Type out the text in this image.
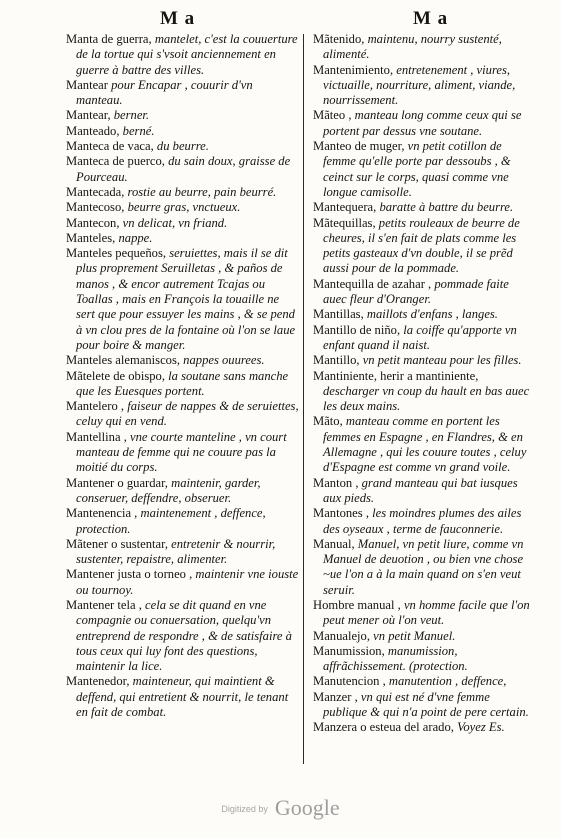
M a	M a

Manta de guerra, mantelet, c'est la couuerture de la tortue qui s'vsoit anciennement en guerre à battre des villes.

Mantear pour Encapar , couurir d'vn manteau.

Mantear, berner.

Manteado, berné.

Manteca de vaca, du beurre.

Manteca de puerco, du sain doux, graisse de Pourceau.

Mantecada, rostie au beurre, pain beurré.

Mantecoso, beurre gras, vnctueux.

Mantecon, vn delicat, vn friand.

Manteles, nappe.

Manteles pequeños, seruiettes, mais il se dit plus proprement Seruilletas , & paños de manos , & encor autrement Tcajas ou Toallas , mais en François la touaille ne sert que pour essuyer les mains , & se pend à vn clou pres de la fontaine où l'on se laue pour boire & manger.

Manteles alemaniscos, nappes ouurees.

Mãtelete de obispo, la soutane sans manche que les Euesques portent.

Mantelero , faiseur de nappes & de seruiettes, celuy qui en vend.

Mantellina , vne courte manteline , vn court manteau de femme qui ne couure pas la moitié du corps.

Mantener o guardar, maintenir, garder, conseruer, deffendre, obseruer.

Mantenencia , maintenement , deffence, protection.

Mãtener o sustentar, entretenir & nourrir, sustenter, repaistre, alimenter.

Mantener justa o torneo , maintenir vne iouste ou tournoy.

Mantener tela , cela se dit quand en vne compagnie ou conuersation, quelqu'vn entreprend de respondre , & de satisfaire à tous ceux qui luy font des questions, maintenir la lice.

Mantenedor, mainteneur, qui maintient & deffend, qui entretient & nourrit, le tenant en fait de combat.

Mãtenido, maintenu, nourry sustenté, alimenté.

Mantenimiento, entretenement , viures, victuaille, nourriture, aliment, viande, nourrissement.

Mãteo , manteau long comme ceux qui se portent par dessus vne soutane.

Manteo de muger, vn petit cotillon de femme qu'elle porte par dessoubs , & ceinct sur le corps, quasi comme vne longue camisolle.

Mantequera, baratte à battre du beurre.

Mãtequillas, petits rouleaux de beurre de cheures, il s'en fait de plats comme les petits gasteaux d'vn double, il se prẽd aussi pour de la pommade.

Mantequilla de azahar , pommade faite auec fleur d'Oranger.

Mantillas, maillots d'enfans , langes.

Mantillo de niño, la coiffe qu'apporte vn enfant quand il naist.

Mantillo, vn petit manteau pour les filles.

Mantiniente, herir a mantiniente, descharger vn coup du hault en bas auec les deux mains.

Mãto, manteau comme en portent les femmes en Espagne , en Flandres, & en Allemagne , qui les couure toutes , celuy d'Espagne est comme vn grand voile.

Manton , grand manteau qui bat iusques aux pieds.

Mantones , les moindres plumes des ailes des oyseaux , terme de fauconnerie.

Manual, Manuel, vn petit liure, comme vn Manuel de deuotion , ou bien vne chose ~ue l'on a à la main quand on s'en veut seruir.

Hombre manual , vn homme facile que l'on peut mener où l'on veut.

Manualejo, vn petit Manuel.

Manumission, manumission, affrãchissement. (protection.

Manutencion , manutention , deffence,

Manzer , vn qui est né d'vne femme publique & qui n'a point de pere certain.

Manzera o esteua del arado, Voyez Es.

Digitized by Google
